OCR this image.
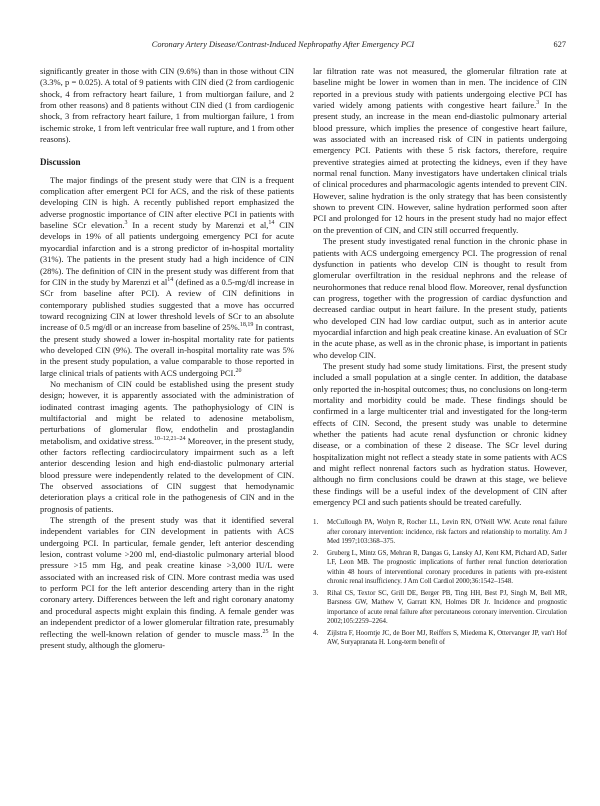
Coronary Artery Disease/Contrast-Induced Nephropathy After Emergency PCI	627

significantly greater in those with CIN (9.6%) than in those without CIN (3.3%, p = 0.025). A total of 9 patients with CIN died (2 from cardiogenic shock, 4 from refractory heart failure, 1 from multiorgan failure, and 2 from other reasons) and 8 patients without CIN died (1 from cardiogenic shock, 3 from refractory heart failure, 1 from multiorgan failure, 1 from ischemic stroke, 1 from left ventricular free wall rupture, and 1 from other reasons).

Discussion

The major findings of the present study were that CIN is a frequent complication after emergent PCI for ACS, and the risk of these patients developing CIN is high. A recently published report emphasized the adverse prognostic importance of CIN after elective PCI in patients with baseline SCr elevation.$^3$ In a recent study by Marenzi et al,$^{14}$ CIN develops in 19% of all patients undergoing emergency PCI for acute myocardial infarction and is a strong predictor of in-hospital mortality (31%). The patients in the present study had a high incidence of CIN (28%). The definition of CIN in the present study was different from that for CIN in the study by Marenzi et $al^{14}$ (defined as a 0.5-mg/dl increase in SCr from baseline after PCI). A review of CIN definitions in contemporary published studies suggested that a move has occurred toward recognizing CIN at lower threshold levels of SCr to an absolute increase of 0.5 mg/dl or an increase from baseline of 25%.$^{18,19}$ In contrast, the present study showed a lower in-hospital mortality rate for patients who developed CIN (9%). The overall in-hospital mortality rate was 5% in the present study population, a value comparable to those reported in large clinical trials of patients with ACS undergoing PCI.$^{20}$

No mechanism of CIN could be established using the present study design; however, it is apparently associated with the administration of iodinated contrast imaging agents. The pathophysiology of CIN is multifactorial and might be related to adenosine metabolism, perturbations of glomerular flow, endothelin and prostaglandin metabolism, and oxidative stress.$^{10-12,21-24}$ Moreover, in the present study, other factors reflecting cardiocirculatory impairment such as a left anterior descending lesion and high end-diastolic pulmonary arterial blood pressure were independently related to the development of CIN. The observed associations of CIN suggest that hemodynamic deterioration plays a critical role in the pathogenesis of CIN and in the prognosis of patients.

The strength of the present study was that it identified several independent variables for CIN development in patients with ACS undergoing PCI. In particular, female gender, left anterior descending lesion, contrast volume >200 ml, end-diastolic pulmonary arterial blood pressure >15 mm Hg, and peak creatine kinase >3,000 IU/L were associated with an increased risk of CIN. More contrast media was used to perform PCI for the left anterior descending artery than in the right coronary artery. Differences between the left and right coronary anatomy and procedural aspects might explain this finding. A female gender was an independent predictor of a lower glomerular filtration rate, presumably reflecting the well-known relation of gender to muscle mass.$^{25}$ In the present study, although the glomeru-

lar filtration rate was not measured, the glomerular filtration rate at baseline might be lower in women than in men. The incidence of CIN reported in a previous study with patients undergoing elective PCI has varied widely among patients with congestive heart failure.$^3$ In the present study, an increase in the mean end-diastolic pulmonary arterial blood pressure, which implies the presence of congestive heart failure, was associated with an increased risk of CIN in patients undergoing emergency PCI. Patients with these 5 risk factors, therefore, require preventive strategies aimed at protecting the kidneys, even if they have normal renal function. Many investigators have undertaken clinical trials of clinical procedures and pharmacologic agents intended to prevent CIN. However, saline hydration is the only strategy that has been consistently shown to prevent CIN. However, saline hydration performed soon after PCI and prolonged for 12 hours in the present study had no major effect on the prevention of CIN, and CIN still occurred frequently.

The present study investigated renal function in the chronic phase in patients with ACS undergoing emergency PCI. The progression of renal dysfunction in patients who develop CIN is thought to result from glomerular overfiltration in the residual nephrons and the release of neurohormones that reduce renal blood flow. Moreover, renal dysfunction can progress, together with the progression of cardiac dysfunction and decreased cardiac output in heart failure. In the present study, patients who developed CIN had low cardiac output, such as in anterior acute myocardial infarction and high peak creatine kinase. An evaluation of SCr in the acute phase, as well as in the chronic phase, is important in patients who develop CIN.

The present study had some study limitations. First, the present study included a small population at a single center. In addition, the database only reported the in-hospital outcomes; thus, no conclusions on long-term mortality and morbidity could be made. These findings should be confirmed in a large multicenter trial and investigated for the long-term effects of CIN. Second, the present study was unable to determine whether the patients had acute renal dysfunction or chronic kidney disease, or a combination of these 2 disease. The SCr level during hospitalization might not reflect a steady state in some patients with ACS and might reflect nonrenal factors such as hydration status. However, although no firm conclusions could be drawn at this stage, we believe these findings will be a useful index of the development of CIN after emergency PCI and such patients should be treated carefully.

1. McCullough PA, Wolyn R, Rocher LL, Levin RN, O'Neill WW. Acute renal failure after coronary intervention: incidence, risk factors and relationship to mortality. Am J Med 1997;103:368–375.
2. Gruberg L, Mintz GS, Mehran R, Dangas G, Lansky AJ, Kent KM, Pichard AD, Satler LF, Leon MB. The prognostic implications of further renal function deterioration within 48 hours of interventional coronary procedures in patients with pre-existent chronic renal insufficiency. J Am Coll Cardiol 2000;36:1542–1548.
3. Rihal CS, Textor SC, Grill DE, Berger PB, Ting HH, Best PJ, Singh M, Bell MR, Barsness GW, Mathew V, Garratt KN, Holmes DR Jr. Incidence and prognostic importance of acute renal failure after percutaneous coronary intervention. Circulation 2002;105:2259–2264.
4. Zijlstra F, Hoorntje JC, de Boer MJ, Reiffers S, Miedema K, Ottervanger JP, van't Hof AW, Suryapranata H. Long-term benefit of
